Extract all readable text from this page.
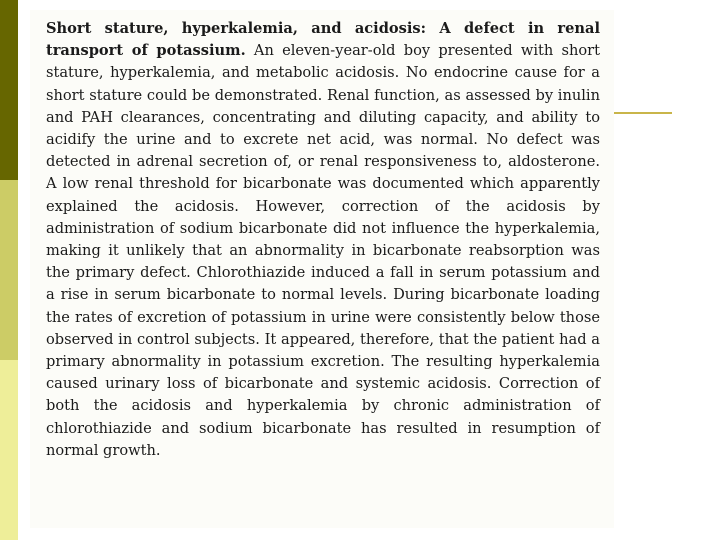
Short stature, hyperkalemia, and acidosis: A defect in renal transport of potassium. An eleven-year-old boy presented with short stature, hyperkalemia, and metabolic acidosis. No endocrine cause for a short stature could be demonstrated. Renal function, as assessed by inulin and PAH clearances, concentrating and diluting capacity, and ability to acidify the urine and to excrete net acid, was normal. No defect was detected in adrenal secretion of, or renal responsiveness to, aldosterone. A low renal threshold for bicarbonate was documented which apparently explained the acidosis. However, correction of the acidosis by administration of sodium bicarbonate did not influence the hyperkalemia, making it unlikely that an abnormality in bicarbonate reabsorption was the primary defect. Chlorothiazide induced a fall in serum potassium and a rise in serum bicarbonate to normal levels. During bicarbonate loading the rates of excretion of potassium in urine were consistently below those observed in control subjects. It appeared, therefore, that the patient had a primary abnormality in potassium excretion. The resulting hyperkalemia caused urinary loss of bicarbonate and systemic acidosis. Correction of both the acidosis and hyperkalemia by chronic administration of chlorothiazide and sodium bicarbonate has resulted in resumption of normal growth.
